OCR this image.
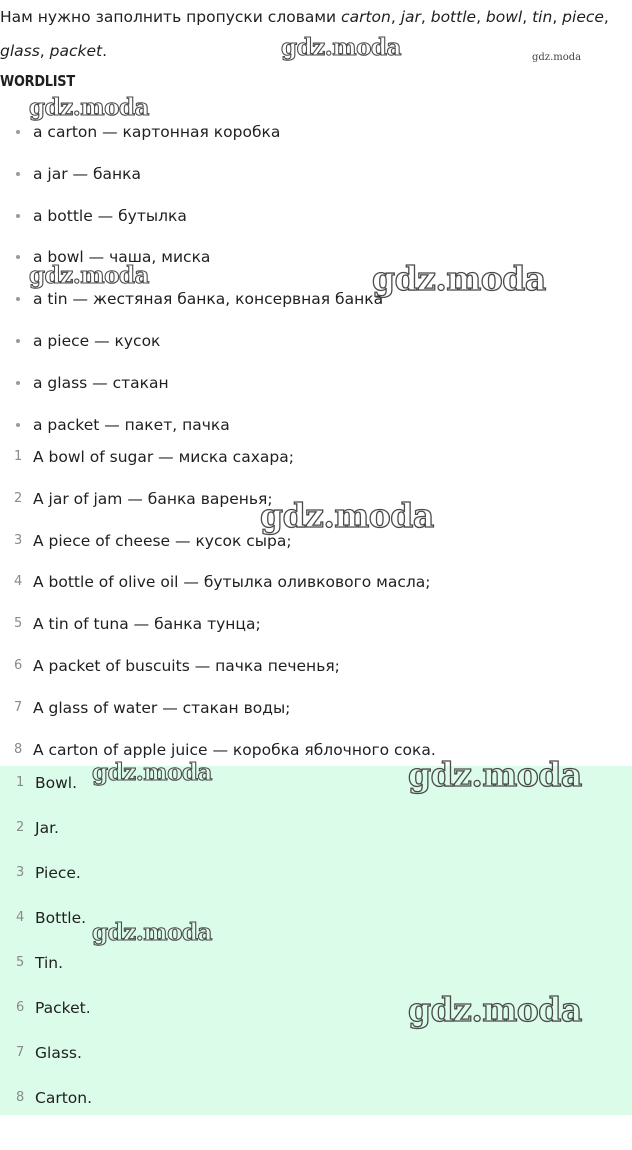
Нам нужно заполнить пропуски словами carton, jar, bottle, bowl, tin, piece,
glass, packet.

WORDLIST
a carton — картонная коробка
a jar — банка
a bottle — бутылка
a bowl — чаша, миска
a tin — жестяная банка, консервная банка
a piece — кусок
a glass — стакан
a packet — пакет, пачка
1 A bowl of sugar — миска сахара;
2 A jar of jam — банка варенья;
3 A piece of cheese — кусок сыра;
4 A bottle of olive oil — бутылка оливкового масла;
5 A tin of tuna — банка тунца;
6 A packet of buscuits — пачка печенья;
7 A glass of water — стакан воды;
8 A carton of apple juice — коробка яблочного сока.
1 Bowl.
2 Jar.
3 Piece.
4 Bottle.
5 Tin.
6 Packet.
7 Glass.
8 Carton.
gdz.moda	gdz.moda
gdz.moda
gdz.moda	gdz.moda
gdz.moda
gdz.moda	gdz.moda
gdz.moda
gdz.moda
